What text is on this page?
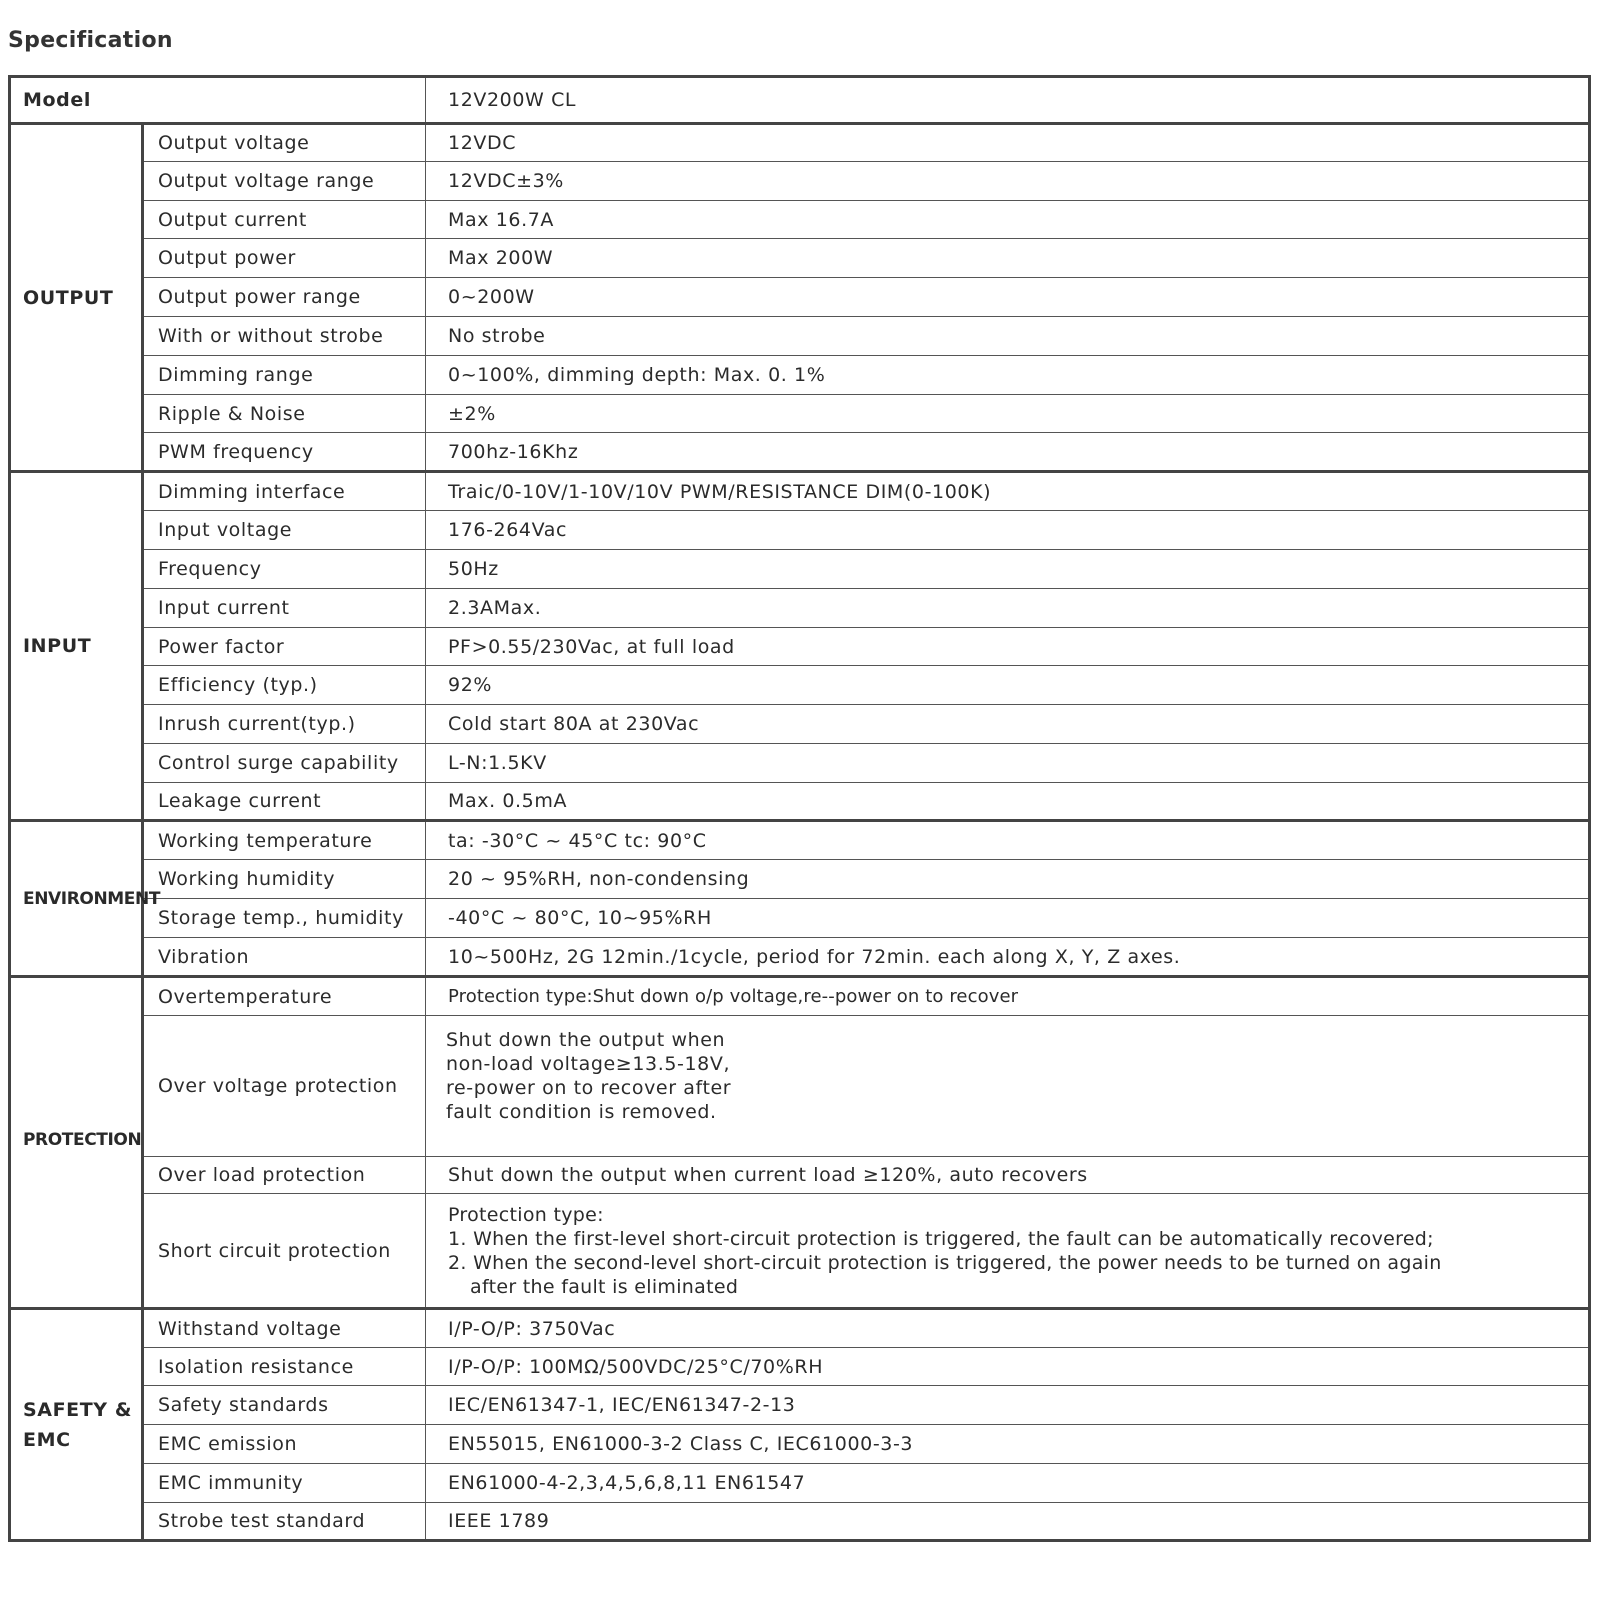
Specification
Model		12V200W CL
OUTPUT	Output voltage	12VDC
	Output voltage range	12VDC±3%
	Output current	Max 16.7A
	Output power	Max 200W
	Output power range	0~200W
	With or without strobe	No strobe
	Dimming range	0~100%, dimming depth: Max. 0. 1%
	Ripple & Noise	±2%
	PWM frequency	700hz-16Khz
INPUT	Dimming interface	Traic/0-10V/1-10V/10V PWM/RESISTANCE DIM(0-100K)
	Input voltage	176-264Vac
	Frequency	50Hz
	Input current	2.3AMax.
	Power factor	PF>0.55/230Vac, at full load
	Efficiency (typ.)	92%
	Inrush current(typ.)	Cold start 80A at 230Vac
	Control surge capability	L-N:1.5KV
	Leakage current	Max. 0.5mA
ENVIRONMENT	Working temperature	ta: -30°C ~ 45°C tc: 90°C
	Working humidity	20 ~ 95%RH, non-condensing
	Storage temp., humidity	-40°C ~ 80°C, 10~95%RH
	Vibration	10~500Hz, 2G 12min./1cycle, period for 72min. each along X, Y, Z axes.
PROTECTION	Overtemperature	Protection type:Shut down o/p voltage,re--power on to recover
	Over voltage protection	Shut down the output when
non-load voltage≥13.5-18V,
re-power on to recover after
fault condition is removed.

	Over load protection	Shut down the output when current load ≥120%, auto recovers
	Short circuit protection	Protection type:
1. When the first-level short-circuit protection is triggered, the fault can be automatically recovered;
2. When the second-level short-circuit protection is triggered, the power needs to be turned on again
after the fault is eliminated

SAFETY &
EMC	Withstand voltage	I/P-O/P: 3750Vac
	Isolation resistance	I/P-O/P: 100MΩ/500VDC/25°C/70%RH
	Safety standards	IEC/EN61347-1, IEC/EN61347-2-13
	EMC emission	EN55015, EN61000-3-2 Class C, IEC61000-3-3
	EMC immunity	EN61000-4-2,3,4,5,6,8,11 EN61547
	Strobe test standard	IEEE 1789
